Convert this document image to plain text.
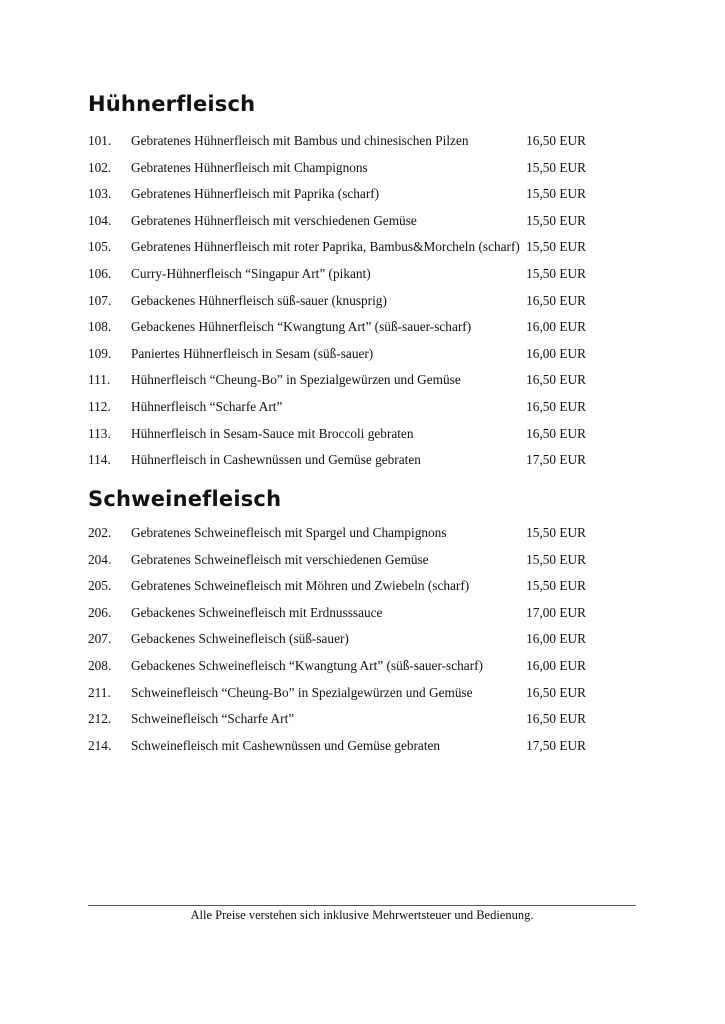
Hühnerfleisch
101. Gebratenes Hühnerfleisch mit Bambus und chinesischen Pilzen	16,50 EUR
102. Gebratenes Hühnerfleisch mit Champignons	15,50 EUR
103. Gebratenes Hühnerfleisch mit Paprika (scharf)	15,50 EUR
104. Gebratenes Hühnerfleisch mit verschiedenen Gemüse	15,50 EUR
105. Gebratenes Hühnerfleisch mit roter Paprika, Bambus&Morcheln (scharf) 15,50 EUR
106. Curry-Hühnerfleisch “Singapur Art” (pikant)	15,50 EUR
107. Gebackenes Hühnerfleisch süß-sauer (knusprig)	16,50 EUR
108. Gebackenes Hühnerfleisch “Kwangtung Art” (süß-sauer-scharf)	16,00 EUR
109. Paniertes Hühnerfleisch in Sesam (süß-sauer)	16,00 EUR
111. Hühnerfleisch “Cheung-Bo” in Spezialgewürzen und Gemüse	16,50 EUR
112. Hühnerfleisch “Scharfe Art”	16,50 EUR
113. Hühnerfleisch in Sesam-Sauce mit Broccoli gebraten	16,50 EUR
114. Hühnerfleisch in Cashewnüssen und Gemüse gebraten	17,50 EUR
Schweinefleisch
202. Gebratenes Schweinefleisch mit Spargel und Champignons	15,50 EUR
204. Gebratenes Schweinefleisch mit verschiedenen Gemüse	15,50 EUR
205. Gebratenes Schweinefleisch mit Möhren und Zwiebeln (scharf)	15,50 EUR
206. Gebackenes Schweinefleisch mit Erdnusssauce	17,00 EUR
207. Gebackenes Schweinefleisch (süß-sauer)	16,00 EUR
208. Gebackenes Schweinefleisch “Kwangtung Art” (süß-sauer-scharf)	16,00 EUR
211. Schweinefleisch “Cheung-Bo” in Spezialgewürzen und Gemüse	16,50 EUR
212. Schweinefleisch “Scharfe Art”	16,50 EUR
214. Schweinefleisch mit Cashewnüssen und Gemüse gebraten	17,50 EUR
Alle Preise verstehen sich inklusive Mehrwertsteuer und Bedienung.
